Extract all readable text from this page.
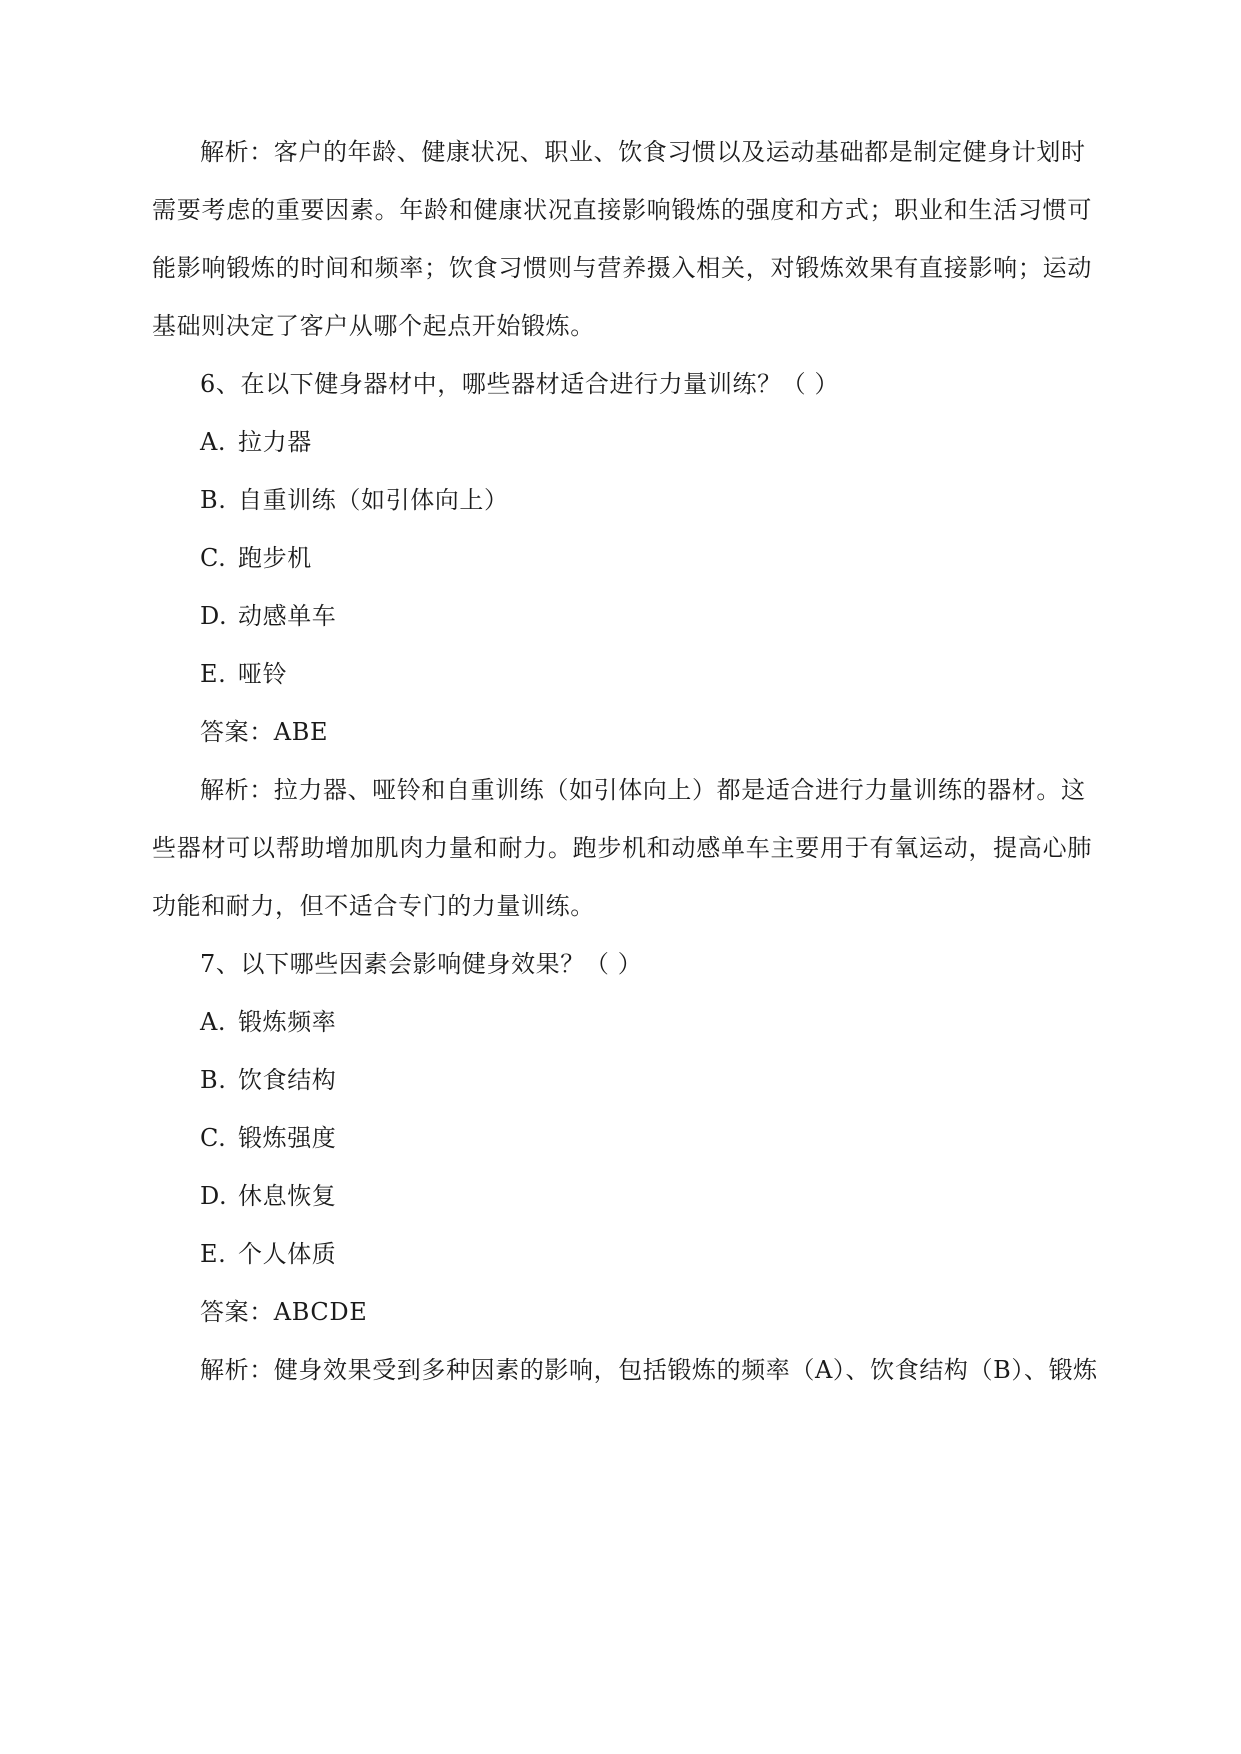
解析：客户的年龄、健康状况、职业、饮食习惯以及运动基础都是制定健身计划时
需要考虑的重要因素。年龄和健康状况直接影响锻炼的强度和方式；职业和生活习惯可
能影响锻炼的时间和频率；饮食习惯则与营养摄入相关，对锻炼效果有直接影响；运动
基础则决定了客户从哪个起点开始锻炼。
6、在以下健身器材中，哪些器材适合进行力量训练？（ ）
A. 拉力器
B. 自重训练（如引体向上）
C. 跑步机
D. 动感单车
E. 哑铃
答案：ABE
解析：拉力器、哑铃和自重训练（如引体向上）都是适合进行力量训练的器材。这
些器材可以帮助增加肌肉力量和耐力。跑步机和动感单车主要用于有氧运动，提高心肺
功能和耐力，但不适合专门的力量训练。
7、以下哪些因素会影响健身效果？（ ）
A. 锻炼频率
B. 饮食结构
C. 锻炼强度
D. 休息恢复
E. 个人体质
答案：ABCDE
解析：健身效果受到多种因素的影响，包括锻炼的频率（A）、饮食结构（B）、锻炼
